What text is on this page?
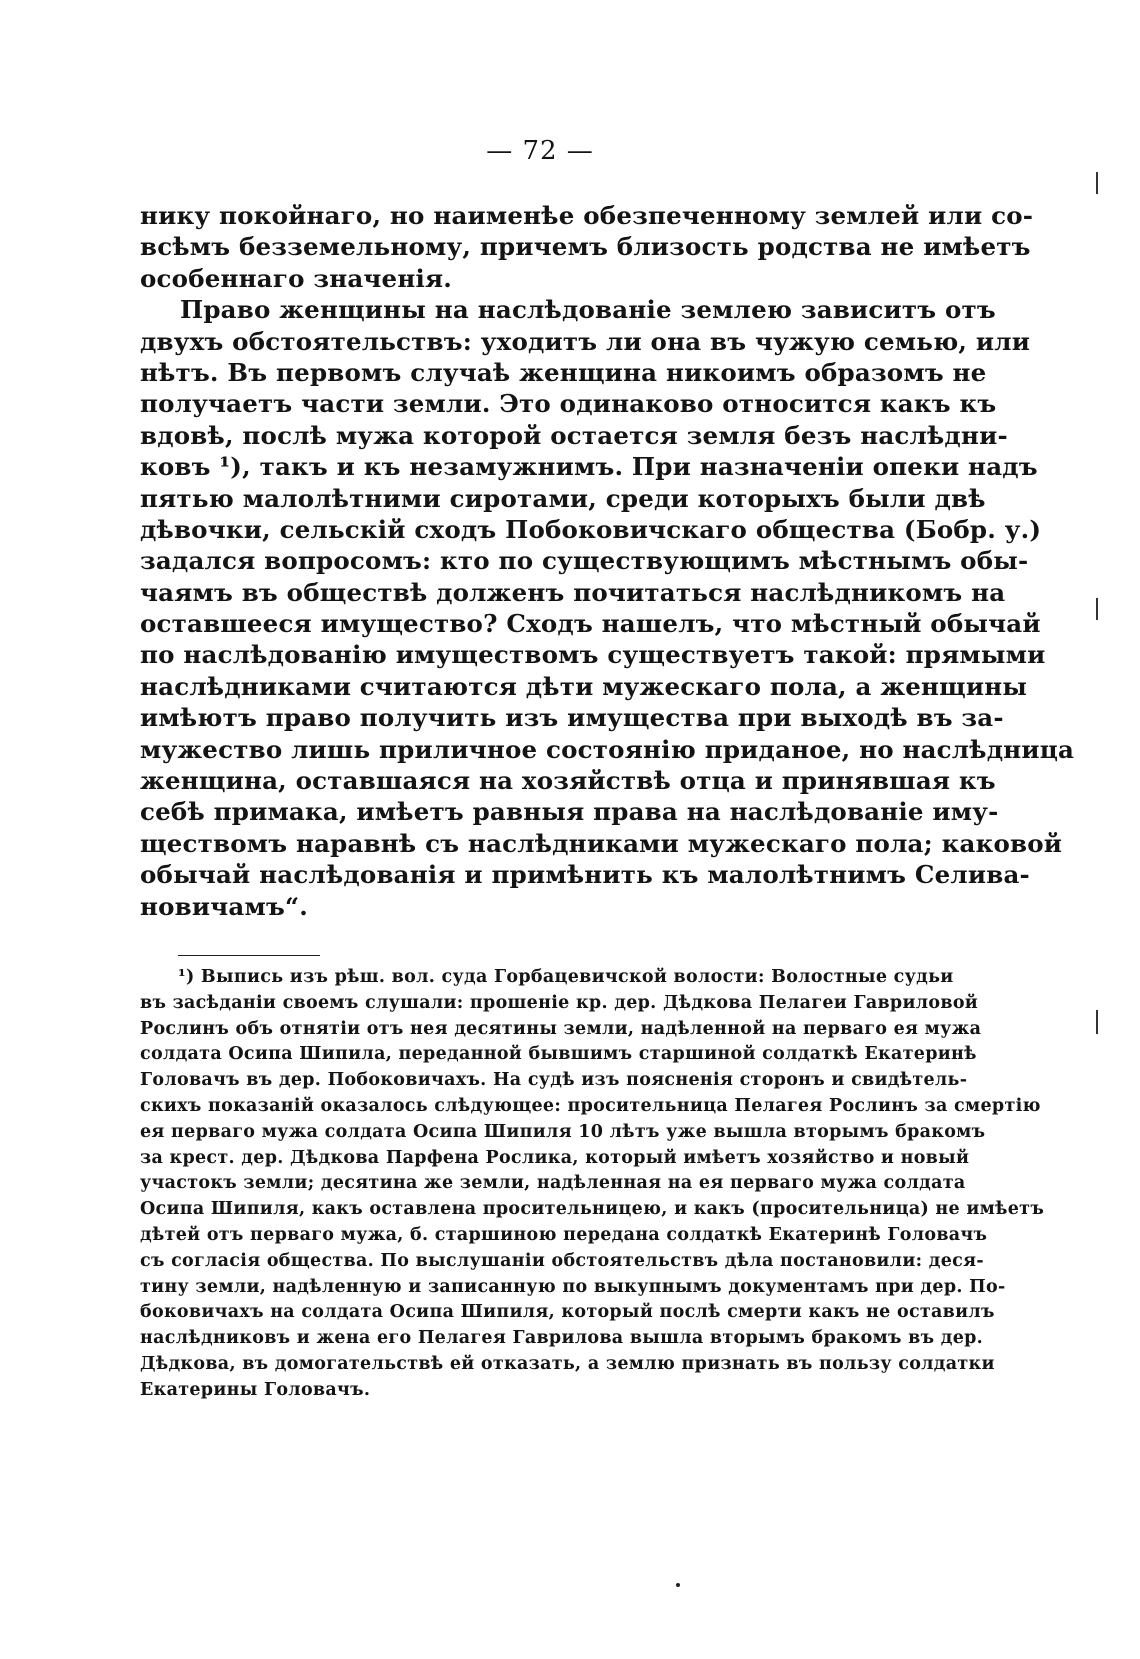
— 72 —
нику покойнаго, но наименѣе обезпеченному землей или со-
всѣмъ безземельному, причемъ близость родства не имѣетъ
особеннаго значенія.
Право женщины на наслѣдованіе землею зависитъ отъ
двухъ обстоятельствъ: уходитъ ли она въ чужую семью, или
нѣтъ. Въ первомъ случаѣ женщина никоимъ образомъ не
получаетъ части земли. Это одинаково относится какъ къ
вдовѣ, послѣ мужа которой остается земля безъ наслѣдни-
ковъ ¹), такъ и къ незамужнимъ. При назначеніи опеки надъ
пятью малолѣтними сиротами, среди которыхъ были двѣ
дѣвочки, сельскій сходъ Побоковичскаго общества (Бобр. у.)
задался вопросомъ: кто по существующимъ мѣстнымъ обы-
чаямъ въ обществѣ долженъ почитаться наслѣдникомъ на
оставшееся имущество? Сходъ нашелъ, что мѣстный обычай
по наслѣдованію имуществомъ существуетъ такой: прямыми
наслѣдниками считаются дѣти мужескаго пола, а женщины
имѣютъ право получить изъ имущества при выходѣ въ за-
мужество лишь приличное состоянію приданое, но наслѣдница
женщина, оставшаяся на хозяйствѣ отца и принявшая къ
себѣ примака, имѣетъ равныя права на наслѣдованіе иму-
ществомъ наравнѣ съ наслѣдниками мужескаго пола; каковой
обычай наслѣдованія и примѣнить къ малолѣтнимъ Селива-
новичамъ“.
¹) Выпись изъ рѣш. вол. суда Горбацевичской волости: Волостные судьи
въ засѣданіи своемъ слушали: прошеніе кр. дер. Дѣдкова Пелагеи Гавриловой
Рослинъ объ отнятіи отъ нея десятины земли, надѣленной на перваго ея мужа
солдата Осипа Шипила, переданной бывшимъ старшиной солдаткѣ Екатеринѣ
Головачъ въ дер. Побоковичахъ. На судѣ изъ поясненія сторонъ и свидѣтель-
скихъ показаній оказалось слѣдующее: просительница Пелагея Рослинъ за смертію
ея перваго мужа солдата Осипа Шипиля 10 лѣтъ уже вышла вторымъ бракомъ
за крест. дер. Дѣдкова Парфена Рослика, который имѣетъ хозяйство и новый
участокъ земли; десятина же земли, надѣленная на ея перваго мужа солдата
Осипа Шипиля, какъ оставлена просительницею, и какъ (просительница) не имѣетъ
дѣтей отъ перваго мужа, б. старшиною передана солдаткѣ Екатеринѣ Головачъ
съ согласія общества. По выслушаніи обстоятельствъ дѣла постановили: деся-
тину земли, надѣленную и записанную по выкупнымъ документамъ при дер. По-
боковичахъ на солдата Осипа Шипиля, который послѣ смерти какъ не оставилъ
наслѣдниковъ и жена его Пелагея Гаврилова вышла вторымъ бракомъ въ дер.
Дѣдкова, въ домогательствѣ ей отказать, а землю признать въ пользу солдатки
Екатерины Головачъ.
